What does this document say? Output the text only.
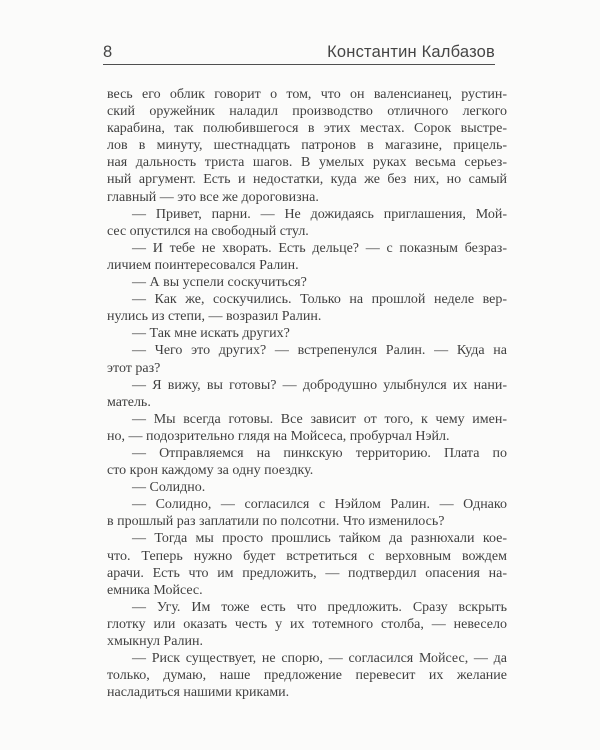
8	Константин Калбазов
весь его облик говорит о том, что он валенсианец, рустин-
ский оружейник наладил производство отличного легкого
карабина, так полюбившегося в этих местах. Сорок выстре-
лов в минуту, шестнадцать патронов в магазине, прицель-
ная дальность триста шагов. В умелых руках весьма серьез-
ный аргумент. Есть и недостатки, куда же без них, но самый
главный — это все же дороговизна.
— Привет, парни. — Не дожидаясь приглашения, Мой-
сес опустился на свободный стул.
— И тебе не хворать. Есть дельце? — с показным безраз-
личием поинтересовался Ралин.
— А вы успели соскучиться?
— Как же, соскучились. Только на прошлой неделе вер-
нулись из степи, — возразил Ралин.
— Так мне искать других?
— Чего это других? — встрепенулся Ралин. — Куда на
этот раз?
— Я вижу, вы готовы? — добродушно улыбнулся их нани-
матель.
— Мы всегда готовы. Все зависит от того, к чему имен-
но, — подозрительно глядя на Мойсеса, пробурчал Нэйл.
— Отправляемся на пинкскую территорию. Плата по
сто крон каждому за одну поездку.
— Солидно.
— Солидно, — согласился с Нэйлом Ралин. — Однако
в прошлый раз заплатили по полсотни. Что изменилось?
— Тогда мы просто прошлись тайком да разнюхали кое-
что. Теперь нужно будет встретиться с верховным вождем
арачи. Есть что им предложить, — подтвердил опасения на-
емника Мойсес.
— Угу. Им тоже есть что предложить. Сразу вскрыть
глотку или оказать честь у их тотемного столба, — невесело
хмыкнул Ралин.
— Риск существует, не спорю, — согласился Мойсес, — да
только, думаю, наше предложение перевесит их желание
насладиться нашими криками.
